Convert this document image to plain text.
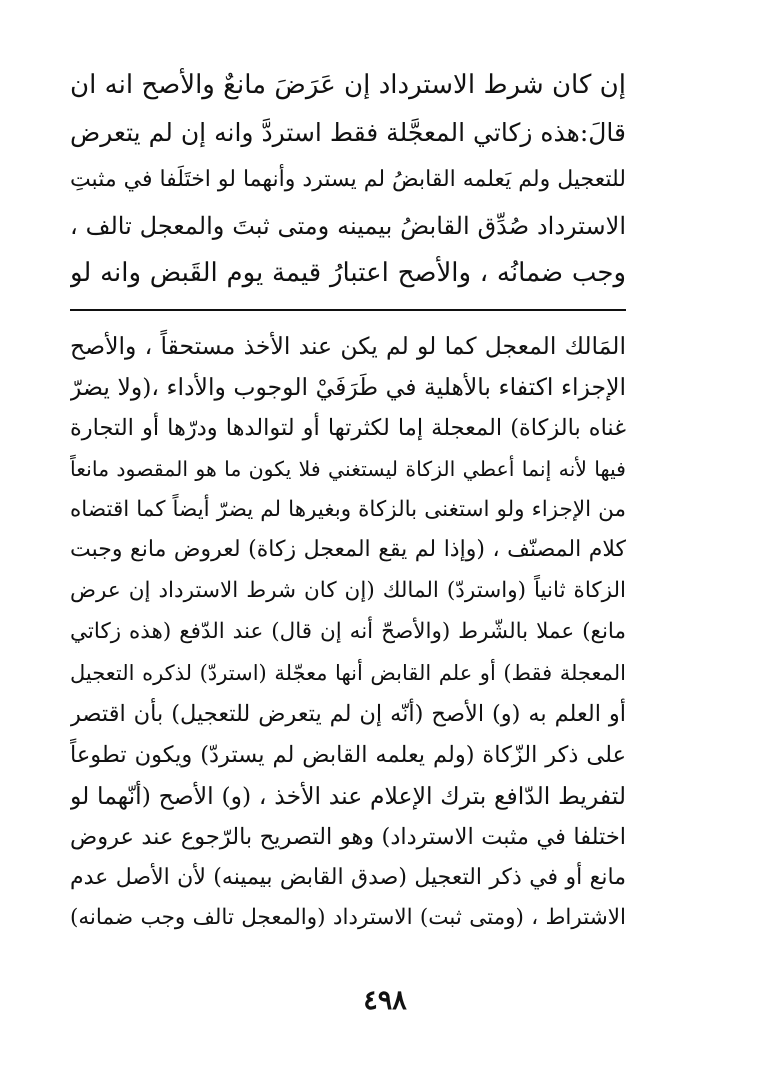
إن كان شرط الاسترداد إن عَرَضَ مانعٌ والأصح انه ان
قالَ:هذه زكاتي المعجَّلة فقط استردَّ وانه إن لم يتعرض
للتعجيل ولم يَعلمه القابضُ لم يسترد وأنهما لو اختَلَفا في مثبتِ
الاسترداد صُدِّق القابضُ بيمينه ومتى ثبتَ والمعجل تالف ،
وجب ضمانُه ، والأصح اعتبارُ قيمة يوم القَبض وانه لو
المَالك المعجل كما لو لم يكن عند الأخذ مستحقاً ، والأصح
الإجزاء اكتفاء بالأهلية في طَرَفَيْ الوجوب والأداء ،(ولا يضرّ
غناه بالزكاة) المعجلة إما لكثرتها أو لتوالدها ودرّها أو التجارة
فيها لأنه إنما أعطي الزكاة ليستغني فلا يكون ما هو المقصود مانعاً
من الإجزاء ولو استغنى بالزكاة وبغيرها لم يضرّ أيضاً كما اقتضاه
كلام المصنّف ، (وإذا لم يقع المعجل زكاة) لعروض مانع وجبت
الزكاة ثانياً (واستردّ) المالك (إن كان شرط الاسترداد إن عرض
مانع) عملا بالشّرط (والأصحّ أنه إن قال) عند الدّفع (هذه زكاتي
المعجلة فقط) أو علم القابض أنها معجّلة (استردّ) لذكره التعجيل
أو العلم به (و) الأصح (أنّه إن لم يتعرض للتعجيل) بأن اقتصر
على ذكر الزّكاة (ولم يعلمه القابض لم يستردّ) ويكون تطوعاً
لتفريط الدّافع بترك الإعلام عند الأخذ ، (و) الأصح (أنّهما لو
اختلفا في مثبت الاسترداد) وهو التصريح بالرّجوع عند عروض
مانع أو في ذكر التعجيل (صدق القابض بيمينه) لأن الأصل عدم
الاشتراط ، (ومتى ثبت) الاسترداد (والمعجل تالف وجب ضمانه)
٤٩٨
